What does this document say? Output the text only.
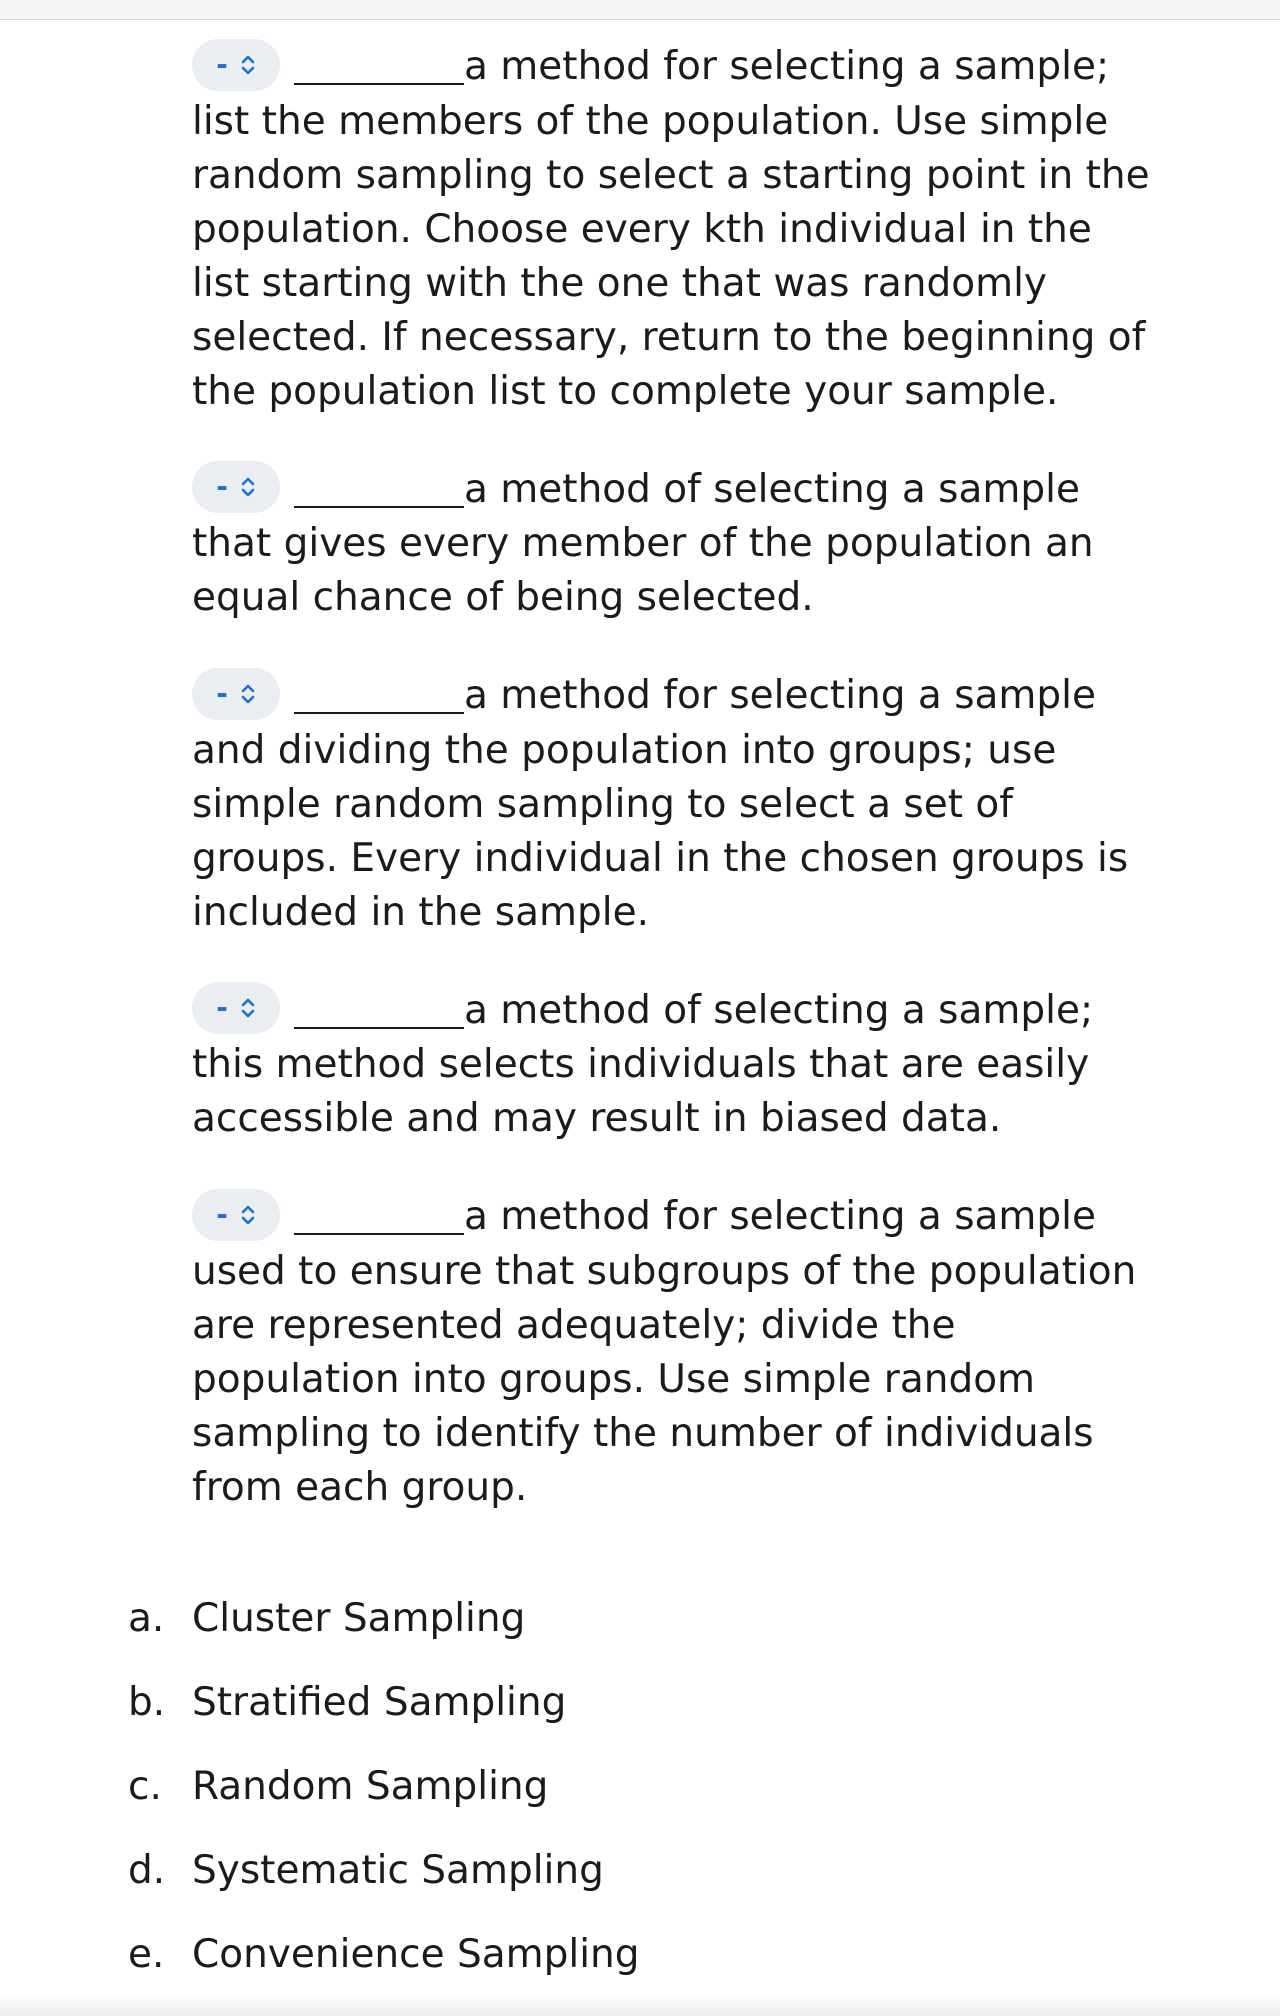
-	a method for selecting a sample; list the members of the population. Use simple random sampling to select a starting point in the population. Choose every kth individual in the list starting with the one that was randomly selected. If necessary, return to the beginning of the population list to complete your sample.

-	a method of selecting a sample that gives every member of the population an equal chance of being selected.

-	a method for selecting a sample and dividing the population into groups; use simple random sampling to select a set of groups. Every individual in the chosen groups is included in the sample.

-	a method of selecting a sample; this method selects individuals that are easily accessible and may result in biased data.

-	a method for selecting a sample used to ensure that subgroups of the population are represented adequately; divide the population into groups. Use simple random sampling to identify the number of individuals from each group.

a. Cluster Sampling
b. Stratified Sampling
c. Random Sampling
d. Systematic Sampling
e. Convenience Sampling
